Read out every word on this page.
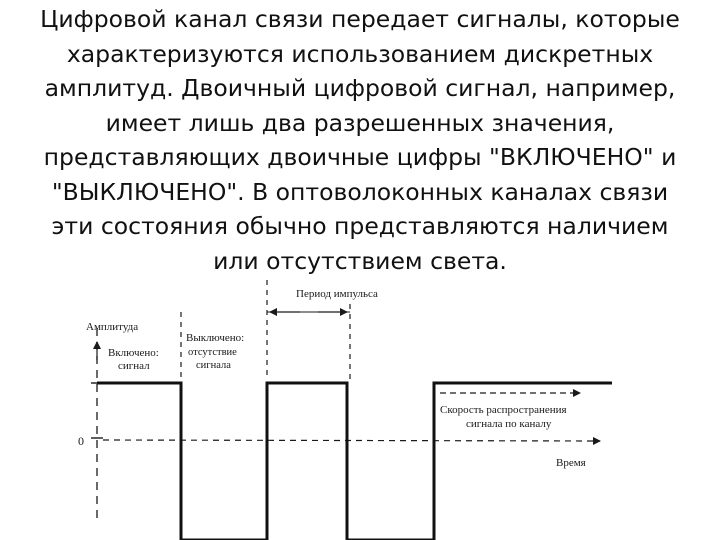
Цифровой канал связи передает сигналы, которые
характеризуются использованием дискретных
амплитуд. Двоичный цифровой сигнал, например,
имеет лишь два разрешенных значения,
представляющих двоичные цифры "ВКЛЮЧЕНО" и
"ВЫКЛЮЧЕНО". В оптоволоконных каналах связи
эти состояния обычно представляются наличием
или отсутствием света.
Период импульса
Амплитуда
Включено:
сигнал
Выключено:
отсутствие
сигнала
Скорость распространения
сигнала по каналу
Время
0
